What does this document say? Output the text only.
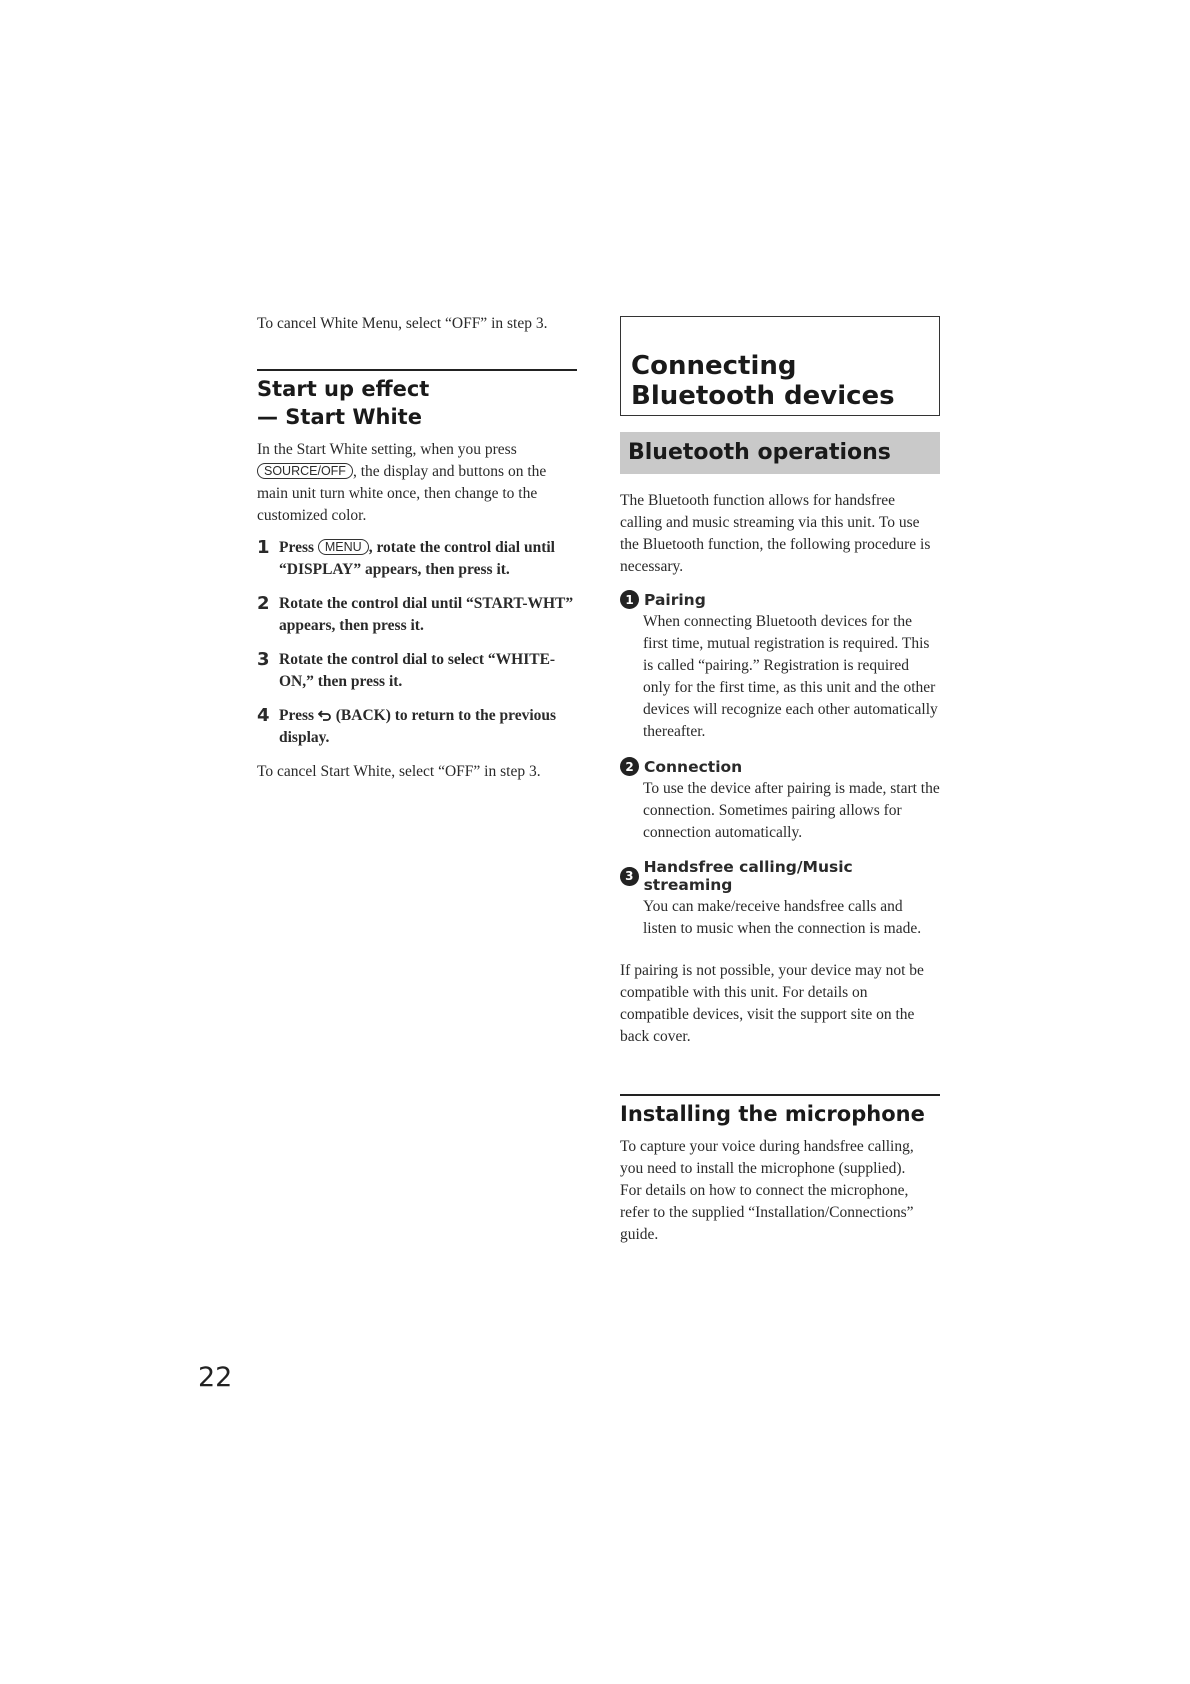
To cancel White Menu, select “OFF” in step 3.

Start up effect
— Start White

In the Start White setting, when you press SOURCE/OFF , the display and buttons on the main unit turn white once, then change to the customized color.

1 Press MENU , rotate the control dial until “DISPLAY” appears, then press it.
2 Rotate the control dial until “START-WHT” appears, then press it.
3 Rotate the control dial to select “WHITE-ON,” then press it.
4 Press  (BACK) to return to the previous display.

To cancel Start White, select “OFF” in step 3.

Connecting
Bluetooth devices
Bluetooth operations

The Bluetooth function allows for handsfree calling and music streaming via this unit. To use the Bluetooth function, the following procedure is necessary.

1 Pairing

When connecting Bluetooth devices for the first time, mutual registration is required. This is called “pairing.” Registration is required only for the first time, as this unit and the other devices will recognize each other automatically thereafter.

2 Connection

To use the device after pairing is made, start the connection. Sometimes pairing allows for connection automatically.

3 Handsfree calling/Music streaming

You can make/receive handsfree calls and listen to music when the connection is made.

If pairing is not possible, your device may not be compatible with this unit. For details on compatible devices, visit the support site on the back cover.

Installing the microphone

To capture your voice during handsfree calling, you need to install the microphone (supplied).

For details on how to connect the microphone, refer to the supplied “Installation/Connections” guide.

22
